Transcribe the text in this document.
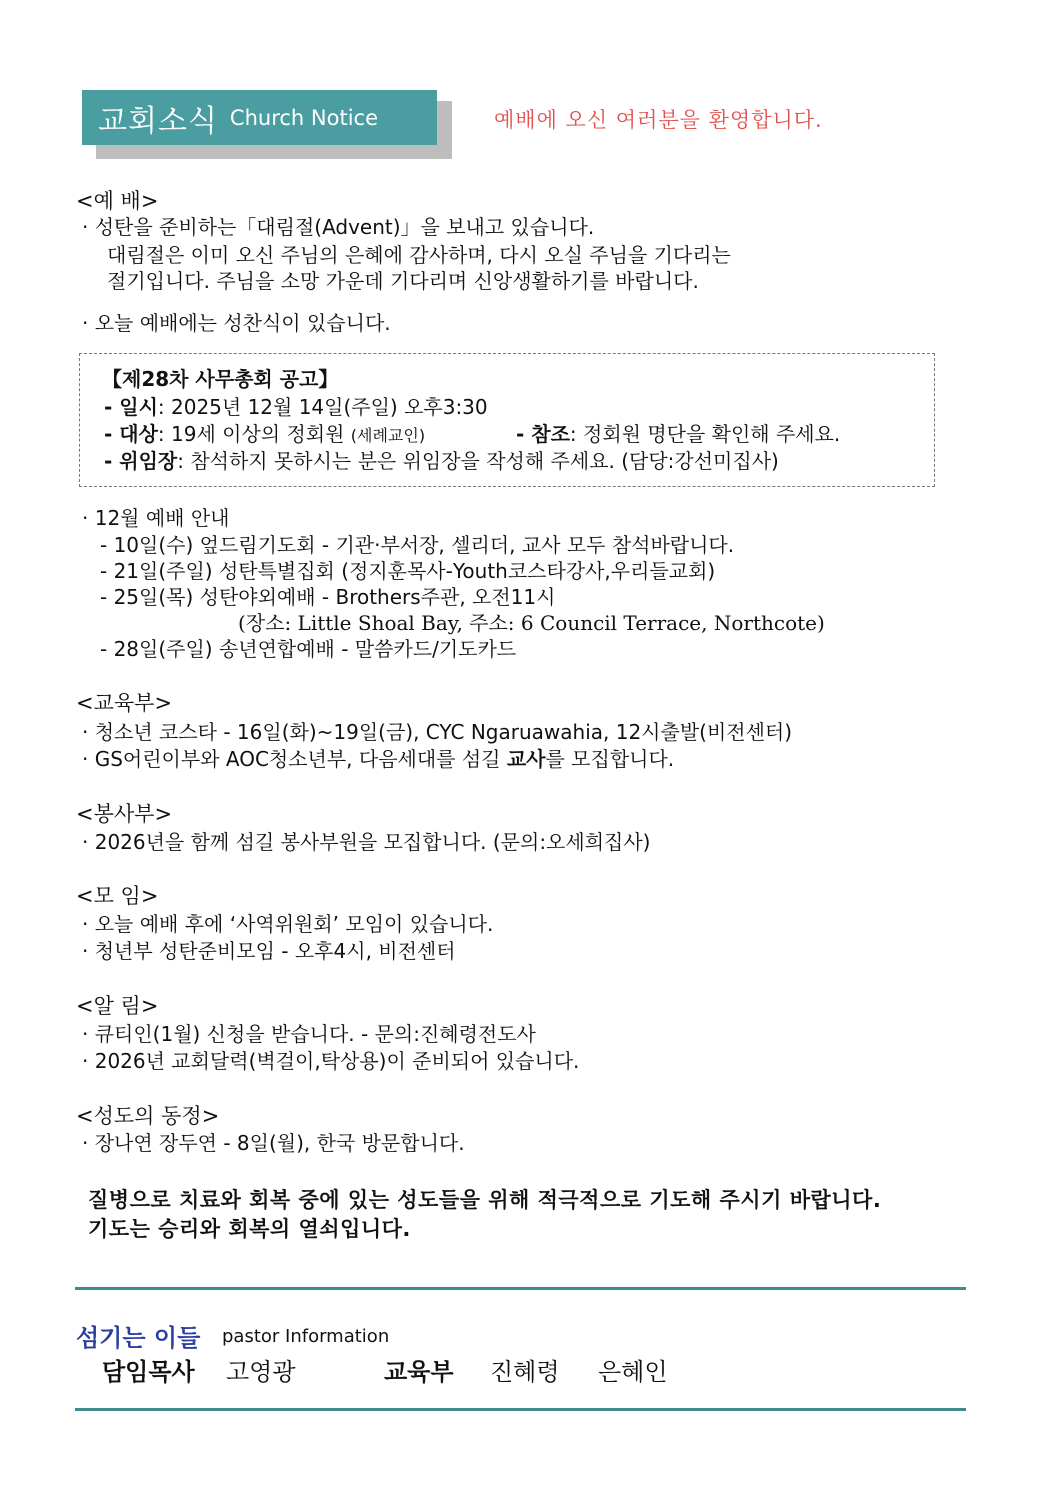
교회소식 Church Notice	예배에 오신 여러분을 환영합니다.
<예 배>
· 성탄을 준비하는「대림절(Advent)」을 보내고 있습니다.
대림절은 이미 오신 주님의 은혜에 감사하며, 다시 오실 주님을 기다리는
절기입니다. 주님을 소망 가운데 기다리며 신앙생활하기를 바랍니다.
· 오늘 예배에는 성찬식이 있습니다.
【제28차 사무총회 공고】
- 일시: 2025년 12월 14일(주일) 오후3:30
- 대상: 19세 이상의 정회원 (세례교인)	- 참조: 정회원 명단을 확인해 주세요.
- 위임장: 참석하지 못하시는 분은 위임장을 작성해 주세요. (담당:강선미집사)
· 12월 예배 안내
- 10일(수) 엎드림기도회 - 기관·부서장, 셀리더, 교사 모두 참석바랍니다.
- 21일(주일) 성탄특별집회 (정지훈목사-Youth코스타강사,우리들교회)
- 25일(목) 성탄야외예배 - Brothers주관, 오전11시
(장소: Little Shoal Bay, 주소: 6 Council Terrace, Northcote)
- 28일(주일) 송년연합예배 - 말씀카드/기도카드
<교육부>
· 청소년 코스타 - 16일(화)~19일(금), CYC Ngaruawahia, 12시출발(비전센터)
· GS어린이부와 AOC청소년부, 다음세대를 섬길 교사를 모집합니다.
<봉사부>
· 2026년을 함께 섬길 봉사부원을 모집합니다. (문의:오세희집사)
<모 임>
· 오늘 예배 후에 ‘사역위원회’ 모임이 있습니다.
· 청년부 성탄준비모임 - 오후4시, 비전센터
<알 림>
· 큐티인(1월) 신청을 받습니다. - 문의:진혜령전도사
· 2026년 교회달력(벽걸이,탁상용)이 준비되어 있습니다.
<성도의 동정>
· 장나연 장두연 - 8일(월), 한국 방문합니다.
질병으로 치료와 회복 중에 있는 성도들을 위해 적극적으로 기도해 주시기 바랍니다.
기도는 승리와 회복의 열쇠입니다.
섬기는 이들 pastor Information
담임목사 고영광	교육부 진혜령 은혜인
